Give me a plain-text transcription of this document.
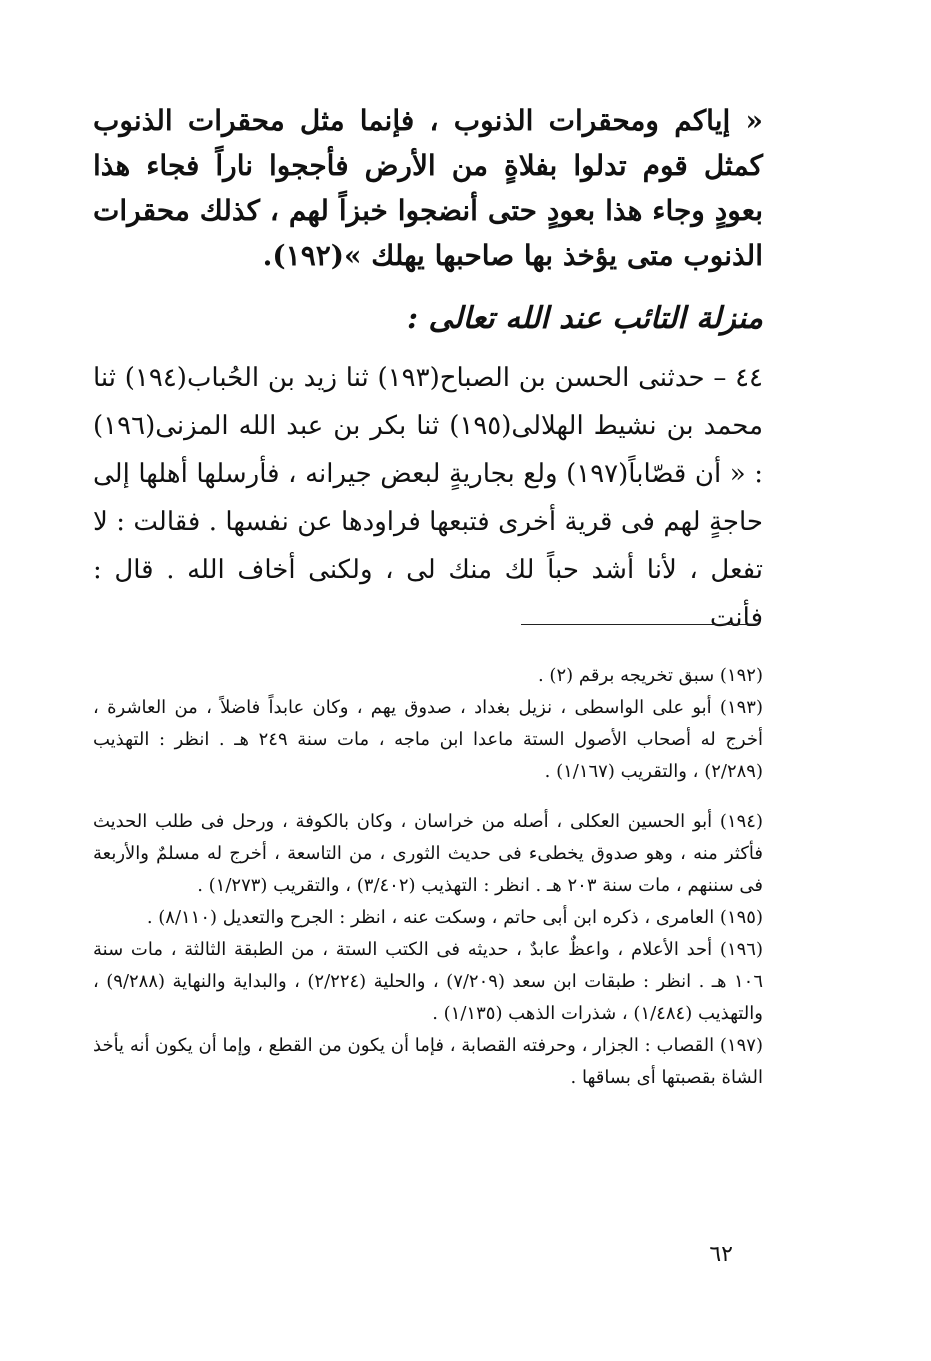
« إياكم ومحقرات الذنوب ، فإنما مثل محقرات الذنوب كمثل قوم تدلوا بفلاةٍ من الأرض فأججوا ناراً فجاء هذا بعودٍ وجاء هذا بعودٍ حتى أنضجوا خبزاً لهم ، كذلك محقرات الذنوب متى يؤخذ بها صاحبها يهلك »(١٩٢).

منزلة التائب عند الله تعالى :

٤٤ – حدثنى الحسن بن الصباح(١٩٣) ثنا زيد بن الحُباب(١٩٤) ثنا محمد بن نشيط الهلالى(١٩٥) ثنا بكر بن عبد الله المزنى(١٩٦) : « أن قصّاباً(١٩٧) ولع بجاريةٍ لبعض جيرانه ، فأرسلها أهلها إلى حاجةٍ لهم فى قرية أخرى فتبعها فراودها عن نفسها . فقالت : لا تفعل ، لأنا أشد حباً لك منك لى ، ولكنى أخاف الله . قال : فأنت

(١٩٢) سبق تخريجه برقم (٢) .

(١٩٣) أبو على الواسطى ، نزيل بغداد ، صدوق يهم ، وكان عابداً فاضلاً ، من العاشرة ، أخرج له أصحاب الأصول الستة ماعدا ابن ماجه ، مات سنة ٢٤٩ هـ . انظر : التهذيب (٢/٢٨٩) ، والتقريب (١/١٦٧) .

(١٩٤) أبو الحسين العكلى ، أصله من خراسان ، وكان بالكوفة ، ورحل فى طلب الحديث فأكثر منه ، وهو صدوق يخطىء فى حديث الثورى ، من التاسعة ، أخرج له مسلمٌ والأربعة فى سننهم ، مات سنة ٢٠٣ هـ . انظر : التهذيب (٣/٤٠٢) ، والتقريب (١/٢٧٣) .

(١٩٥) العامرى ، ذكره ابن أبى حاتم ، وسكت عنه ، انظر : الجرح والتعديل (٨/١١٠) .

(١٩٦) أحد الأعلام ، واعظٌ عابدٌ ، حديثه فى الكتب الستة ، من الطبقة الثالثة ، مات سنة ١٠٦ هـ . انظر : طبقات ابن سعد (٧/٢٠٩) ، والحلية (٢/٢٢٤) ، والبداية والنهاية (٩/٢٨٨) ، والتهذيب (١/٤٨٤) ، شذرات الذهب (١/١٣٥) .

(١٩٧) القصاب : الجزار ، وحرفته القصابة ، فإما أن يكون من القطع ، وإما أن يكون أنه يأخذ الشاة بقصبتها أى بساقها .

٦٢
